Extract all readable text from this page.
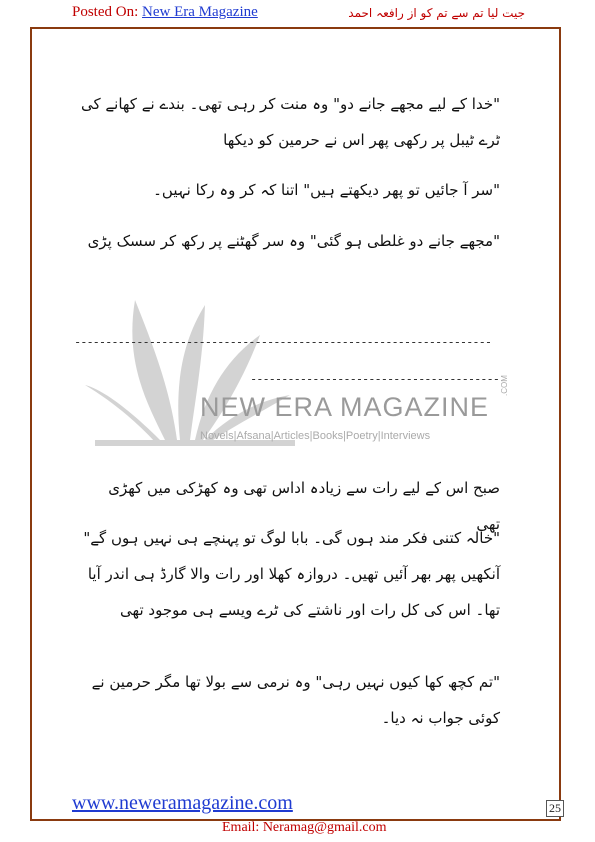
Posted On: New Era Magazine	جیت لیا تم سے تم کو از رافعہ احمد
NEW ERA MAGAZINE
.COM
Novels|Afsana|Articles|Books|Poetry|Interviews

"خدا کے لیے مجھے جانے دو" وہ منت کر رہی تھی۔ بندے نے کھانے کی ٹرے ٹیبل پر رکھی پھر اس نے حرمین کو دیکھا

"سر آ جائیں تو پھر دیکھتے ہیں" اتنا کہ کر وہ رکا نہیں۔

"مجھے جانے دو غلطی ہو گئی" وہ سر گھٹنے پر رکھ کر سسک پڑی

-------------------------------------------------------------------
----------------------------------------

صبح اس کے لیے رات سے زیادہ اداس تھی وہ کھڑکی میں کھڑی تھی

"خالہ کتنی فکر مند ہوں گی۔ بابا لوگ تو پہنچے ہی نہیں ہوں گے" آنکھیں پھر بھر آئیں تھیں۔ دروازہ کھلا اور رات والا گارڈ ہی اندر آیا تھا۔ اس کی کل رات اور ناشتے کی ٹرے ویسے ہی موجود تھی

"تم کچھ کھا کیوں نہیں رہی" وہ نرمی سے بولا تھا مگر حرمین نے کوئی جواب نہ دیا۔

www.neweramagazine.com	25
Email: Neramag@gmail.com
